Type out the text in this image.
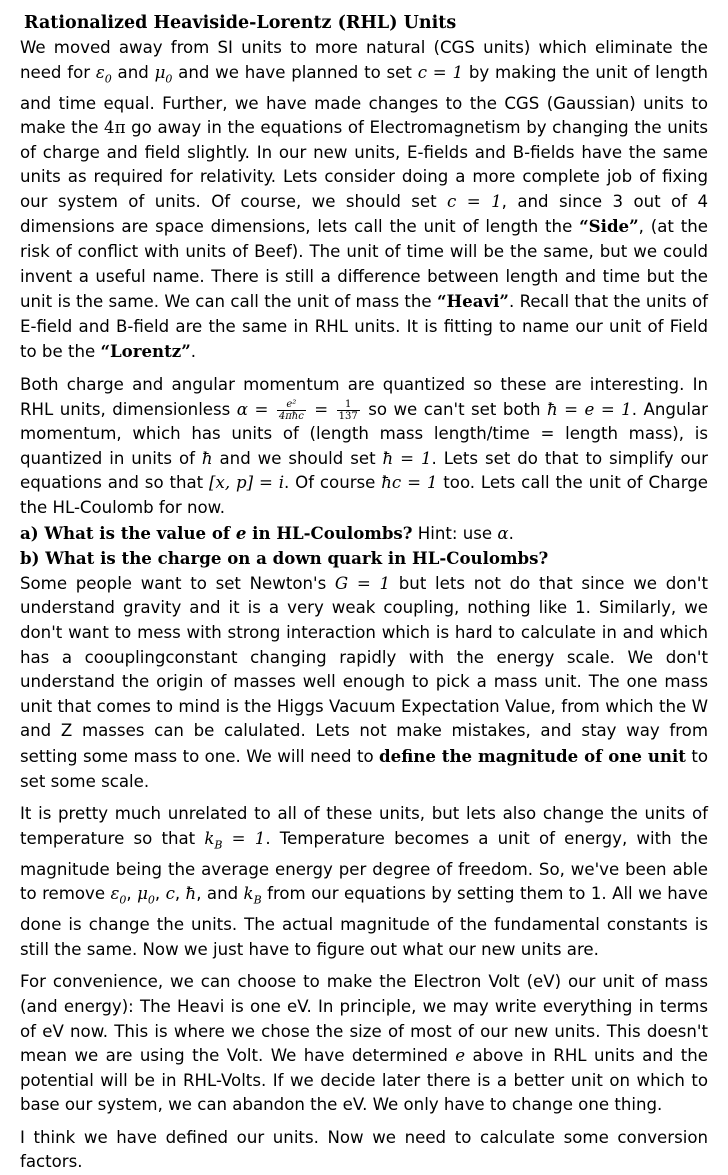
Rationalized Heaviside-Lorentz (RHL) Units

We moved away from SI units to more natural (CGS units) which eliminate the need for $\varepsilon_0$ and $\mu_0$ and we have planned to set c = 1 by making the unit of length and time equal. Further, we have made changes to the CGS (Gaussian) units to make the 4π go away in the equations of Electromagnetism by changing the units of charge and field slightly. In our new units, E-fields and B-fields have the same units as required for relativity. Lets consider doing a more complete job of fixing our system of units. Of course, we should set c = 1, and since 3 out of 4 dimensions are space dimensions, lets call the unit of length the “Side”, (at the risk of conflict with units of Beef). The unit of time will be the same, but we could invent a useful name. There is still a difference between length and time but the unit is the same. We can call the unit of mass the “Heavi”. Recall that the units of E-field and B-field are the same in RHL units. It is fitting to name our unit of Field to be the “Lorentz”.

Both charge and angular momentum are quantized so these are interesting. In RHL units, dimensionless $\alpha = \frac{\text{e²}}{\text{4πħc}} = \frac{1}{137}$ so we can't set both ħ = e = 1. Angular momentum, which has units of (length mass length/time = length mass), is quantized in units of ħ and we should set ħ = 1. Lets set do that to simplify our equations and so that [x, p] = i. Of course ħc = 1 too. Lets call the unit of Charge the HL-Coulomb for now.

a) What is the value of e in HL-Coulombs? Hint: use α.

b) What is the charge on a down quark in HL-Coulombs?

Some people want to set Newton's G = 1 but lets not do that since we don't understand gravity and it is a very weak coupling, nothing like 1. Similarly, we don't want to mess with strong interaction which is hard to calculate in and which has a coouplingconstant changing rapidly with the energy scale. We don't understand the origin of masses well enough to pick a mass unit. The one mass unit that comes to mind is the Higgs Vacuum Expectation Value, from which the W and Z masses can be calulated. Lets not make mistakes, and stay way from setting some mass to one. We will need to define the magnitude of one unit to set some scale.

It is pretty much unrelated to all of these units, but lets also change the units of temperature so that $k_B = 1$. Temperature becomes a unit of energy, with the magnitude being the average energy per degree of freedom. So, we've been able to remove $\varepsilon_0$, $\mu_0$, c, ħ, and $k_B$ from our equations by setting them to 1. All we have done is change the units. The actual magnitude of the fundamental constants is still the same. Now we just have to figure out what our new units are.

For convenience, we can choose to make the Electron Volt (eV) our unit of mass (and energy): The Heavi is one eV. In principle, we may write everything in terms of eV now. This is where we chose the size of most of our new units. This doesn't mean we are using the Volt. We have determined e above in RHL units and the potential will be in RHL-Volts. If we decide later there is a better unit on which to base our system, we can abandon the eV. We only have to change one thing.

I think we have defined our units. Now we need to calculate some conversion factors.
